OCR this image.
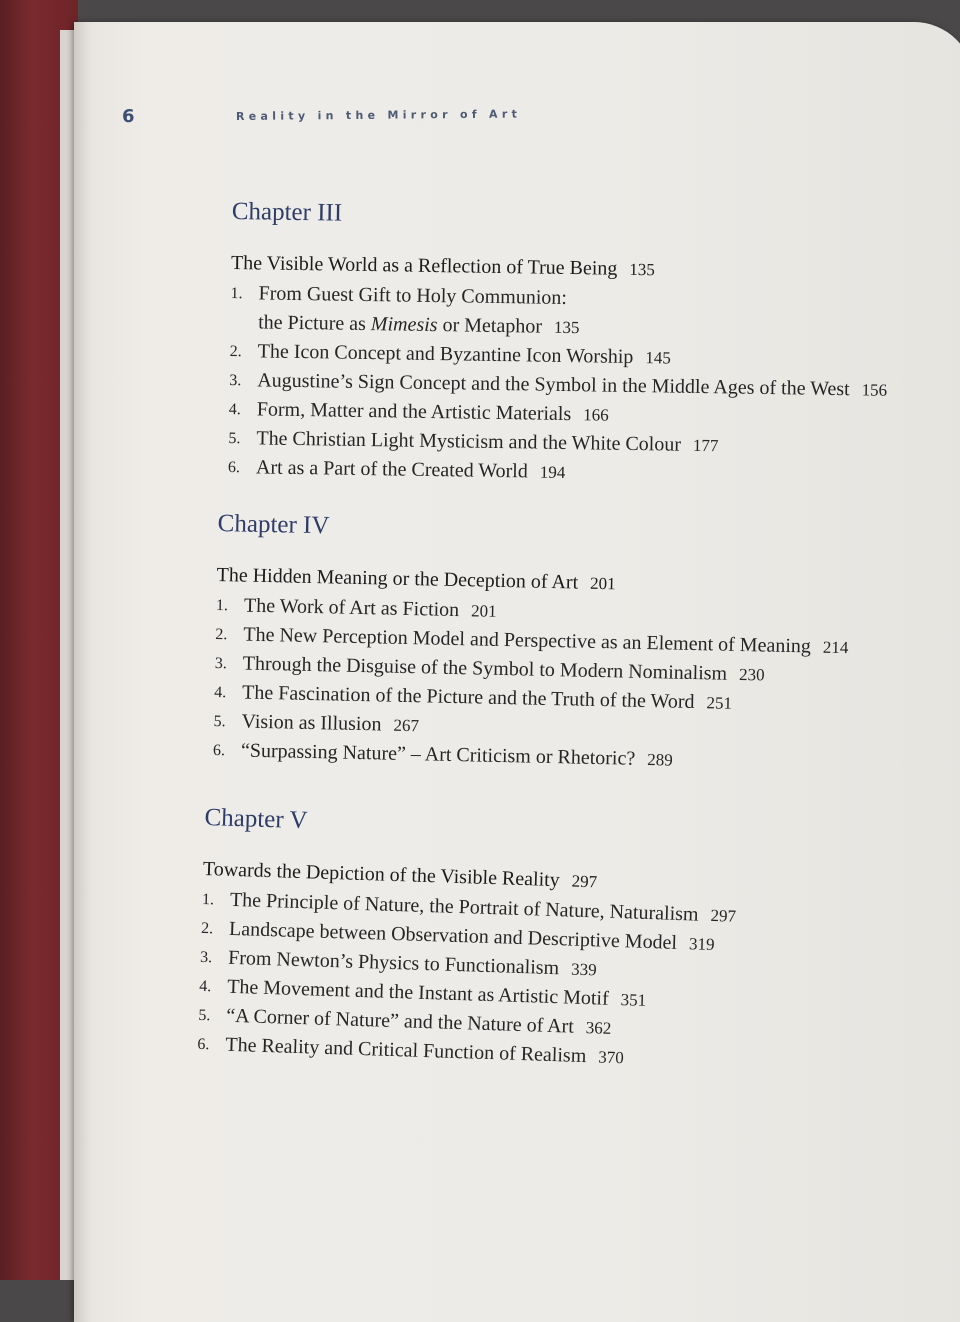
6	Reality in the Mirror of Art
Chapter III
The Visible World as a Reflection of True Being 135
1. From Guest Gift to Holy Communion:
the Picture as Mimesis or Metaphor 135
2. The Icon Concept and Byzantine Icon Worship 145
3. Augustine’s Sign Concept and the Symbol in the Middle Ages of the West 156
4. Form, Matter and the Artistic Materials 166
5. The Christian Light Mysticism and the White Colour 177
6. Art as a Part of the Created World 194
Chapter IV
The Hidden Meaning or the Deception of Art 201
1. The Work of Art as Fiction 201
2. The New Perception Model and Perspective as an Element of Meaning 214
3. Through the Disguise of the Symbol to Modern Nominalism 230
4. The Fascination of the Picture and the Truth of the Word 251
5. Vision as Illusion 267
6. “Surpassing Nature” – Art Criticism or Rhetoric? 289
Chapter V
Towards the Depiction of the Visible Reality 297
1. The Principle of Nature, the Portrait of Nature, Naturalism 297
2. Landscape between Observation and Descriptive Model 319
3. From Newton’s Physics to Functionalism 339
4. The Movement and the Instant as Artistic Motif 351
5. “A Corner of Nature” and the Nature of Art 362
6. The Reality and Critical Function of Realism 370
